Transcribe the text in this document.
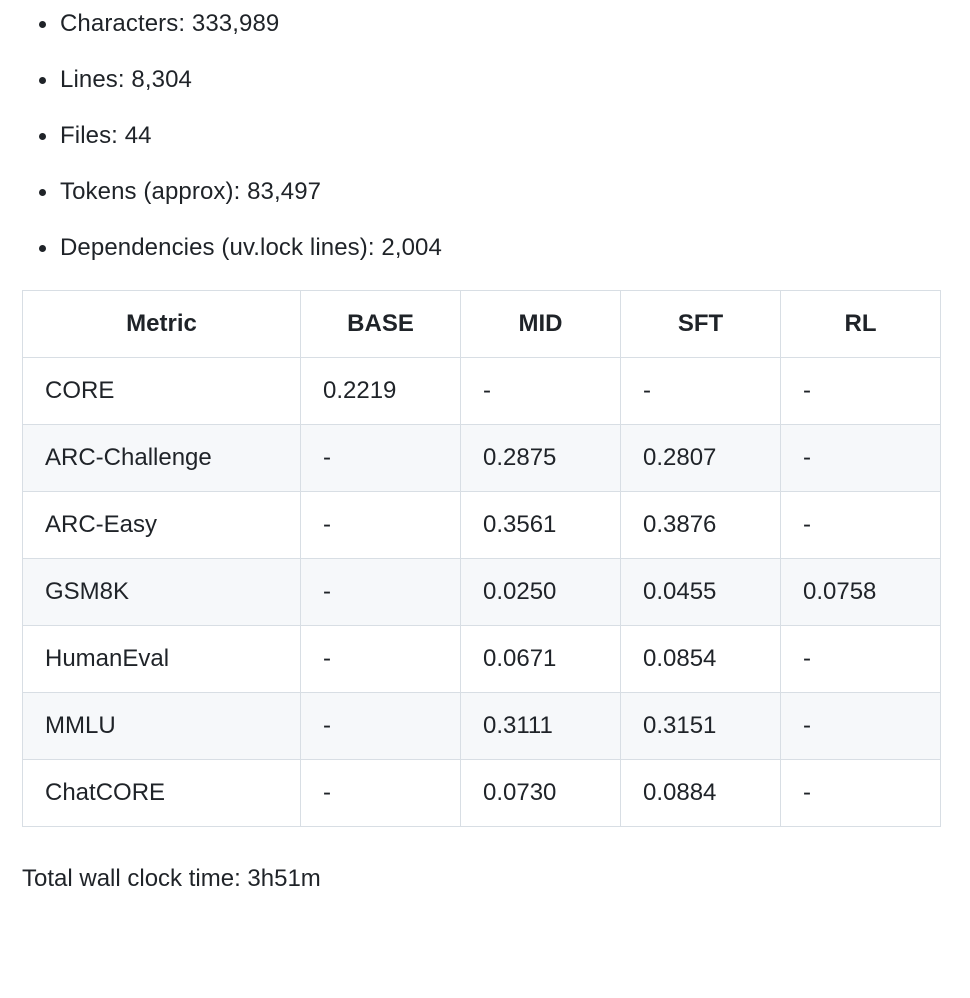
Characters: 333,989
Lines: 8,304
Files: 44
Tokens (approx): 83,497
Dependencies (uv.lock lines): 2,004
Metric	BASE	MID	SFT	RL
CORE	0.2219	-	-	-
ARC-Challenge	-	0.2875	0.2807	-
ARC-Easy	-	0.3561	0.3876	-
GSM8K	-	0.0250	0.0455	0.0758
HumanEval	-	0.0671	0.0854	-
MMLU	-	0.3111	0.3151	-
ChatCORE	-	0.0730	0.0884	-

Total wall clock time: 3h51m
